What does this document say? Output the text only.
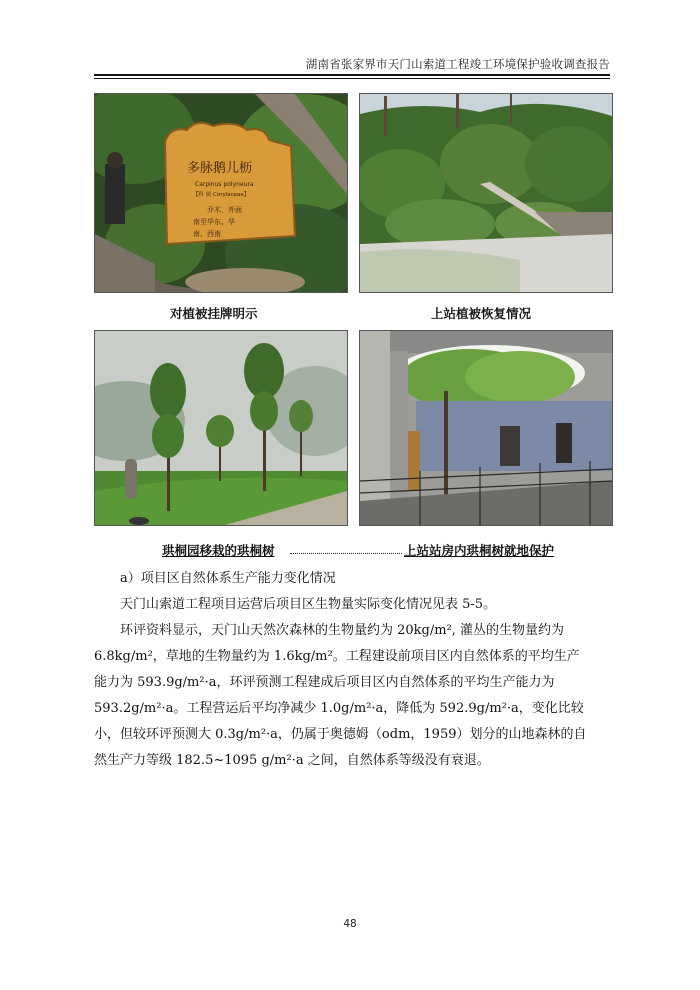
湖南省张家界市天门山索道工程竣工环境保护验收调查报告
多脉鹅儿枥
Carpinus polyneura
【科 属 Corylaceae】
乔木，外面
南至华东、华
南、西南
对植被挂牌明示	上站植被恢复情况
珙桐园移栽的珙桐树	上站站房内珙桐树就地保护
a）项目区自然体系生产能力变化情况
天门山索道工程项目运营后项目区生物量实际变化情况见表 5-5。
环评资料显示，天门山天然次森林的生物量约为 20kg/m², 灌丛的生物量约为
6.8kg/m²，草地的生物量约为 1.6kg/m²。工程建设前项目区内自然体系的平均生产
能力为 593.9g/m²·a，环评预测工程建成后项目区内自然体系的平均生产能力为
593.2g/m²·a。工程营运后平均净减少 1.0g/m²·a，降低为 592.9g/m²·a，变化比较
小，但较环评预测大 0.3g/m²·a，仍属于奥德姆（odm，1959）划分的山地森林的自
然生产力等级 182.5~1095 g/m²·a 之间，自然体系等级没有衰退。
48
